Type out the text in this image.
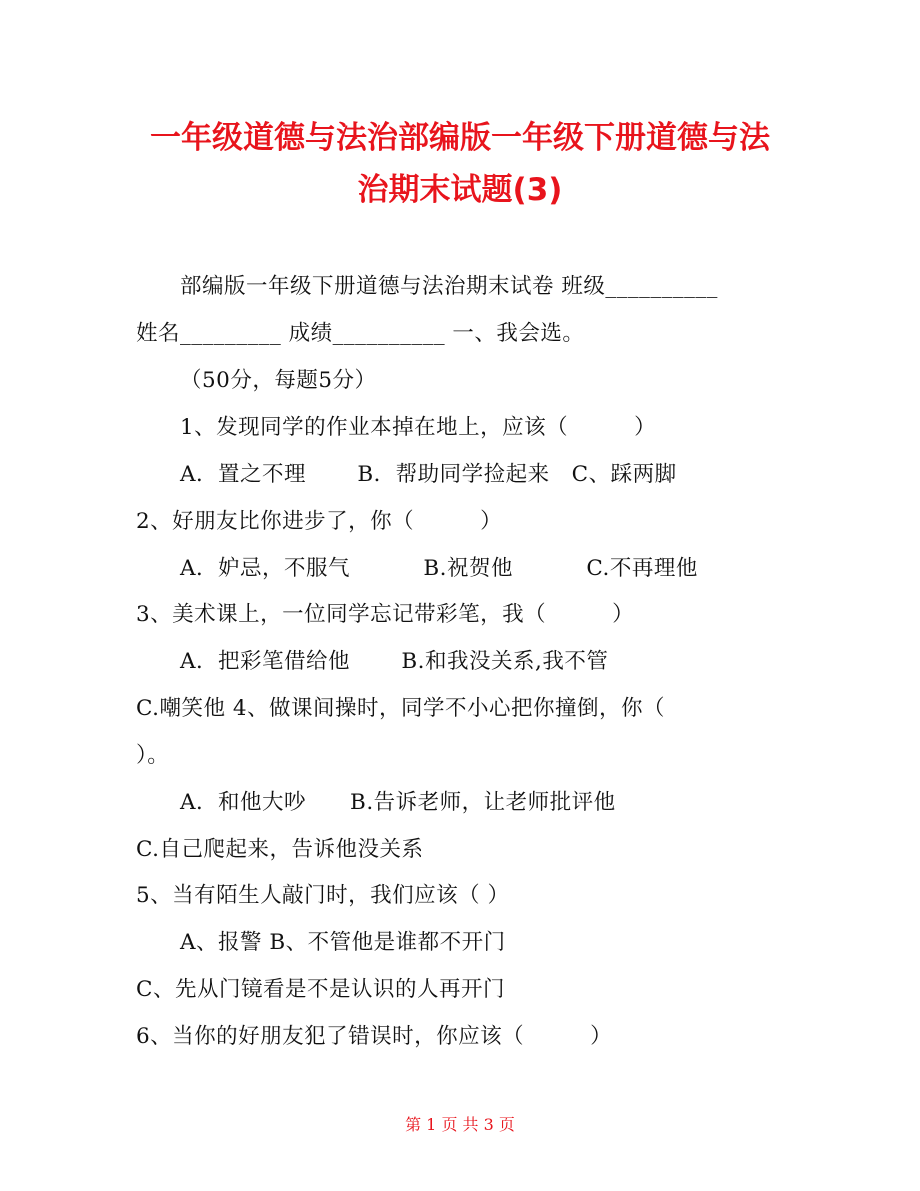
一年级道德与法治部编版一年级下册道德与法
治期末试题(3)
部编版一年级下册道德与法治期末试卷 班级__________
姓名_________ 成绩__________ 一、我会选。
（50分，每题5分）
1、发现同学的作业本掉在地上，应该（　　　）
A．置之不理　　 B．帮助同学捡起来　C、踩两脚
2、好朋友比你进步了，你（　　　）
A．妒忌，不服气　　　 B.祝贺他　　　 C.不再理他
3、美术课上，一位同学忘记带彩笔，我（　　　）
A．把彩笔借给他　　 B.和我没关系,我不管
C.嘲笑他 4、做课间操时，同学不小心把你撞倒，你（
）。
A．和他大吵　　B.告诉老师，让老师批评他
C.自己爬起来，告诉他没关系
5、当有陌生人敲门时，我们应该（ ）
A、报警 B、不管他是谁都不开门
C、先从门镜看是不是认识的人再开门
6、当你的好朋友犯了错误时，你应该（　　　）
第 1 页 共 3 页
